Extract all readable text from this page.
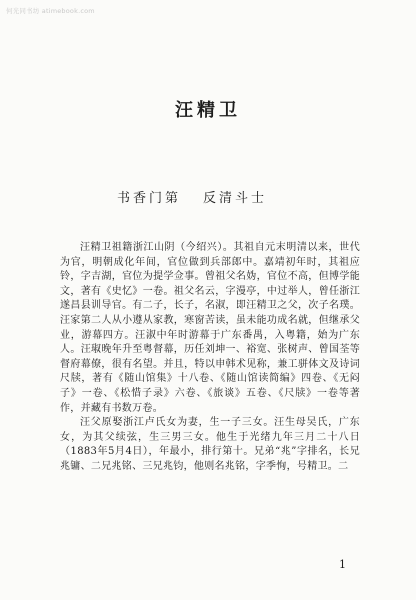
何光同书坊 atimebook.com
汪精卫
书香门第 反清斗士

汪精卫祖籍浙江山阴（今绍兴）。其祖自元末明清以来，世代为官，明朝成化年间，官位做到兵部郎中。嘉靖初年时，其祖应铃，字吉湖，官位为提学佥事。曾祖父名妫，官位不高，但博学能文，著有《史忆》一卷。祖父名云，字漫亭，中过举人，曾任浙江遂昌县训导官。有二子，长子，名淑，即汪精卫之父，次子名璞。汪家第二人从小遵从家教，寒窗苦读，虽未能功成名就，但继承父业，游幕四方。汪淑中年时游幕于广东番禺，入粤籍，始为广东人。汪琡晚年升至粤督幕，历任刘坤一、裕宽、张树声、曾国荃等督府幕僚，很有名望。并且，特以申韩术见称，兼工骈体文及诗词尺牍，著有《随山馆集》十八卷、《随山馆读简编》四卷、《无闷子》一卷、《松惜子录》六卷、《旅谈》五卷、《尺牍》一卷等著作，并藏有书数万卷。

汪父原娶浙江卢氏女为妻，生一子三女。汪生母吴氏，广东女，为其父续弦，生三男三女。他生于光绪九年三月二十八日（1883年5月4日），年最小，排行第十。兄弟“兆”字排名，长兄兆镛、二兄兆铭、三兄兆钧，他则名兆铭，字季恂，号精卫。二

1
